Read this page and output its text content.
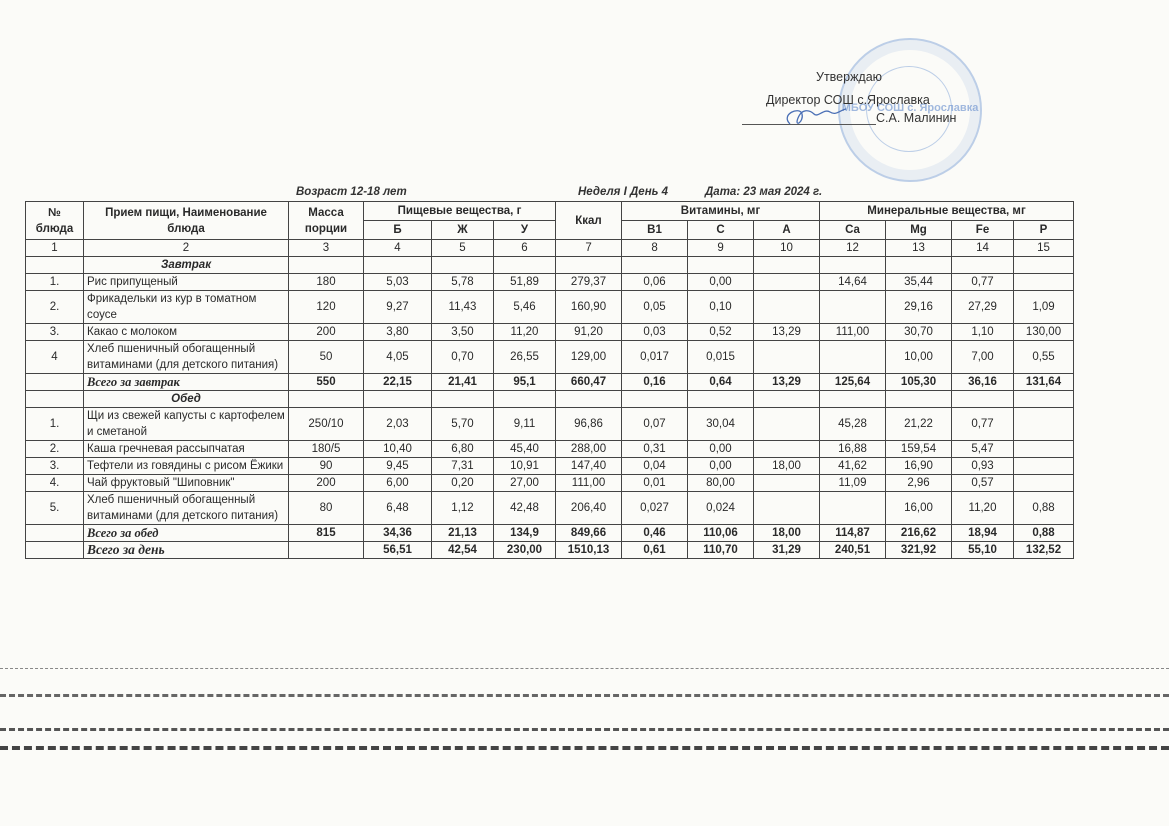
МБОУ СОШ с. Ярославка
Утверждаю
Директор СОШ с.Ярославка
С.А. Малинин
Возраст 12-18 лет	Неделя I День 4	Дата: 23 мая 2024 г.
№ блюда	Прием пищи, Наименование блюда	Масса порции	Пищевые вещества, г			Ккал	Витамины, мг			Минеральные вещества, мг			
			Б	Ж	У		B1	C	A	Ca	Mg	Fe	P
1	2	3	4	5	6	7	8	9	10	12	13	14	15
	Завтрак												
1.	Рис припущеный	180	5,03	5,78	51,89	279,37	0,06	0,00		14,64	35,44	0,77	
2.	Фрикадельки из кур в томатном соусе	120	9,27	11,43	5,46	160,90	0,05	0,10			29,16	27,29	1,09
3.	Какао с молоком	200	3,80	3,50	11,20	91,20	0,03	0,52	13,29	111,00	30,70	1,10	130,00
4	Хлеб пшеничный обогащенный витаминами (для детского питания)	50	4,05	0,70	26,55	129,00	0,017	0,015			10,00	7,00	0,55
	Всего за завтрак	550	22,15	21,41	95,1	660,47	0,16	0,64	13,29	125,64	105,30	36,16	131,64
	Обед												
1.	Щи из свежей капусты с картофелем и сметаной	250/10	2,03	5,70	9,11	96,86	0,07	30,04		45,28	21,22	0,77	
2.	Каша гречневая рассыпчатая	180/5	10,40	6,80	45,40	288,00	0,31	0,00		16,88	159,54	5,47	
3.	Тефтели из говядины с рисом Ёжики	90	9,45	7,31	10,91	147,40	0,04	0,00	18,00	41,62	16,90	0,93	
4.	Чай фруктовый "Шиповник"	200	6,00	0,20	27,00	111,00	0,01	80,00		11,09	2,96	0,57	
5.	Хлеб пшеничный обогащенный витаминами (для детского питания)	80	6,48	1,12	42,48	206,40	0,027	0,024			16,00	11,20	0,88
	Всего за обед	815	34,36	21,13	134,9	849,66	0,46	110,06	18,00	114,87	216,62	18,94	0,88
	Всего за день		56,51	42,54	230,00	1510,13	0,61	110,70	31,29	240,51	321,92	55,10	132,52
